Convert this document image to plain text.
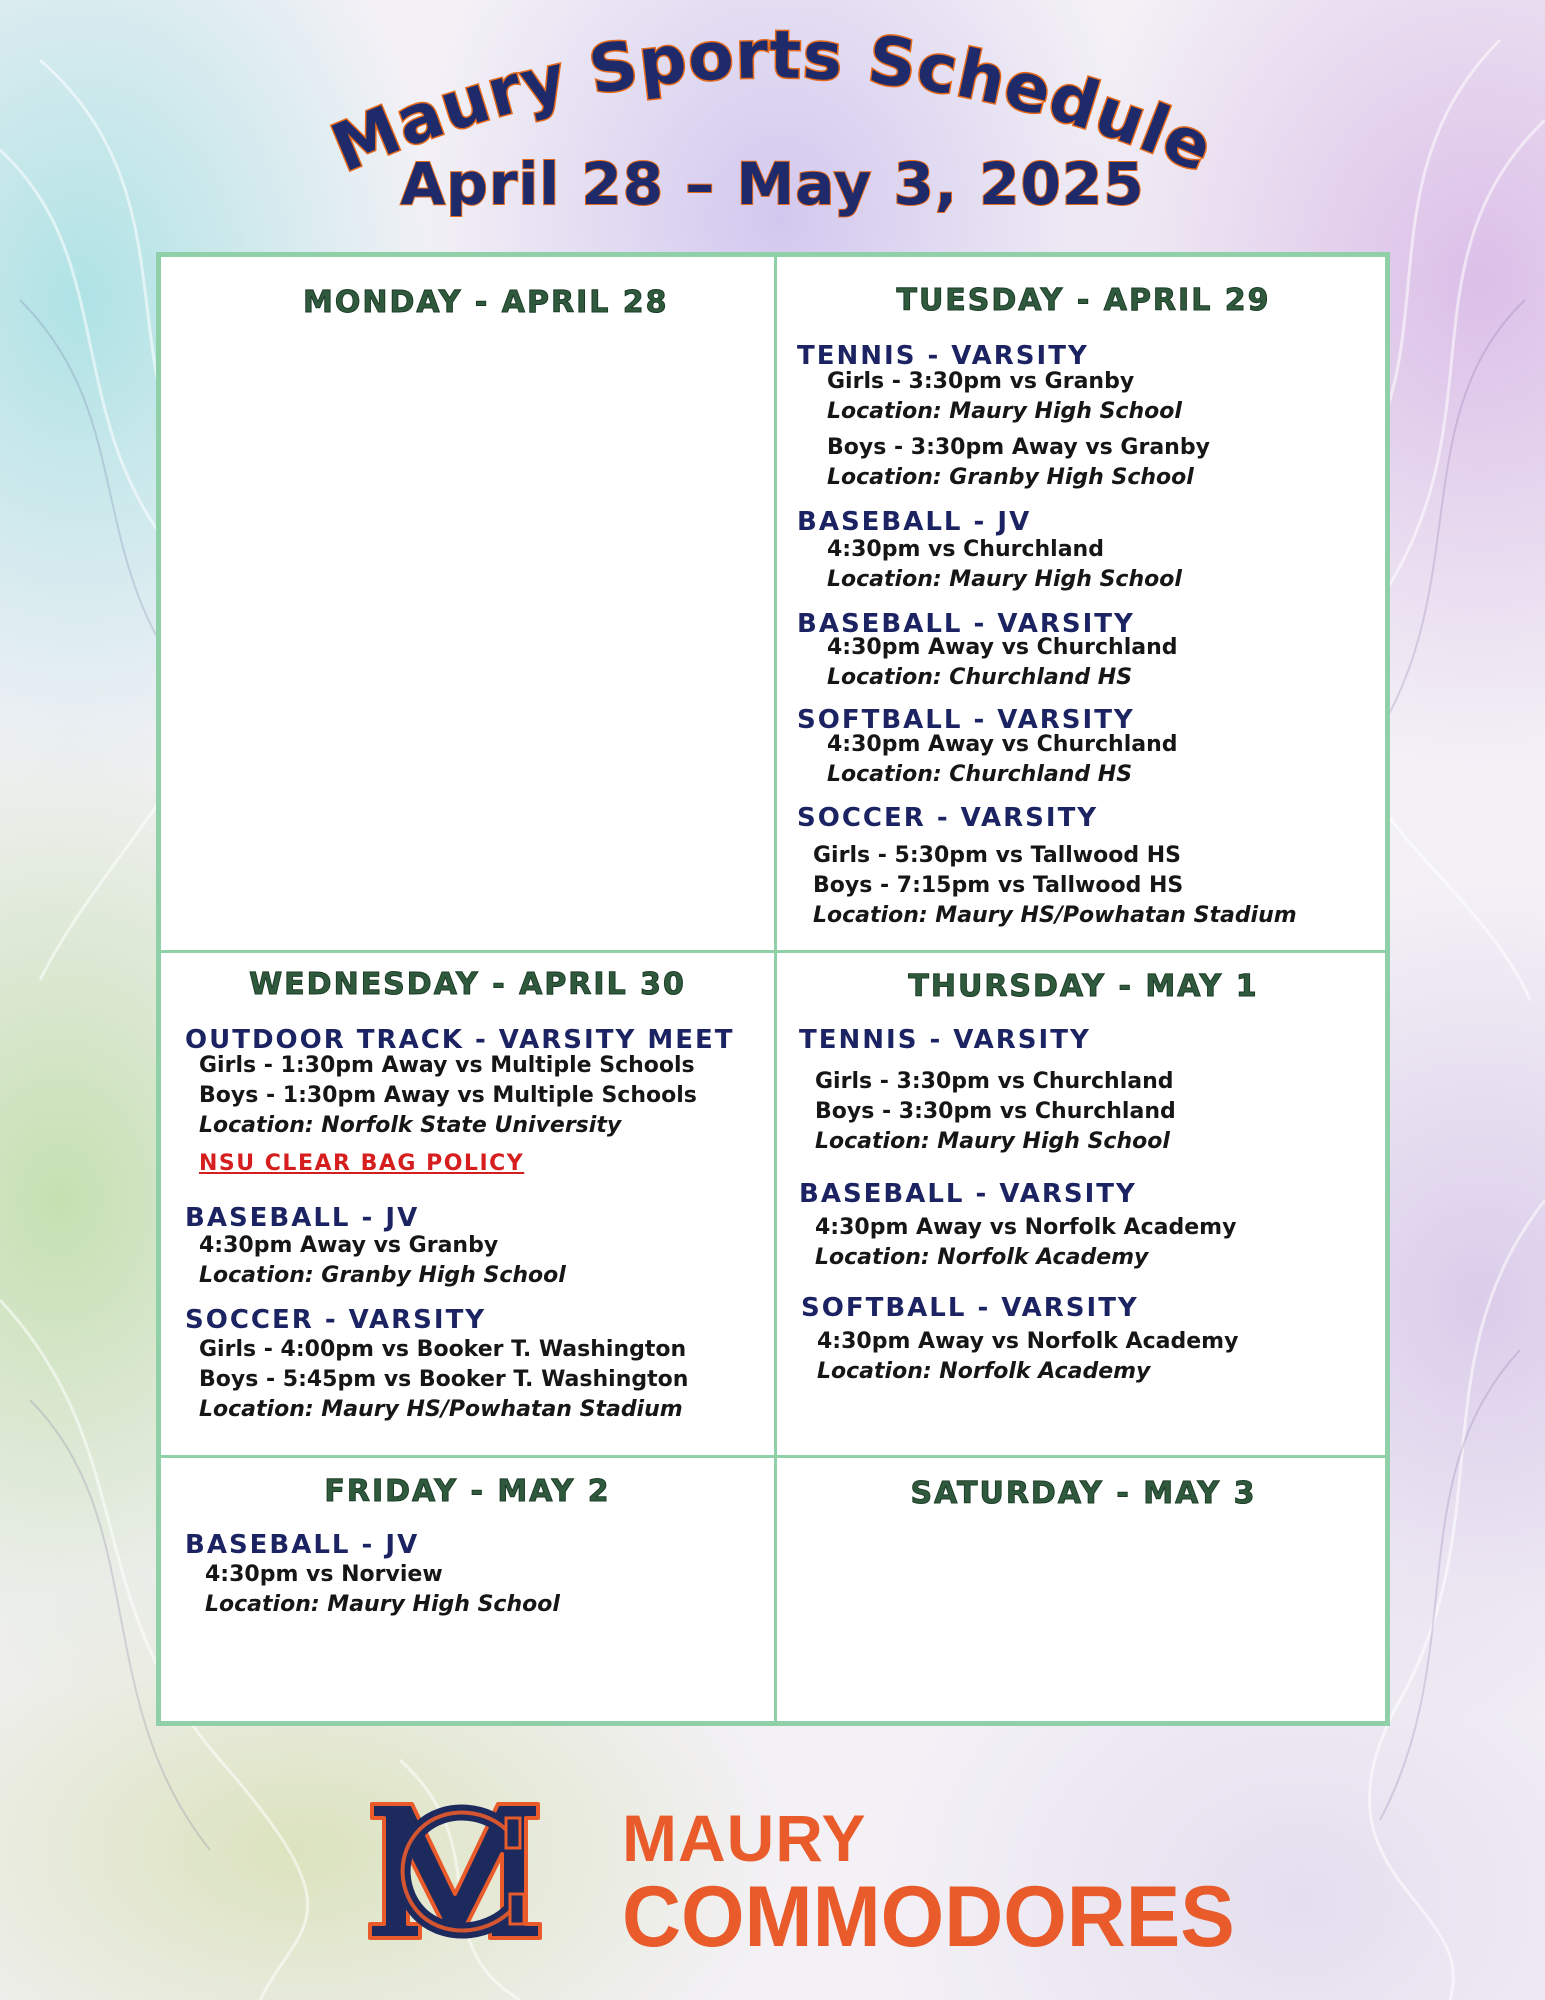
Maury Sports Schedule
April 28 – May 3, 2025
MONDAY - APRIL 28	TUESDAY - APRIL 29
TENNIS - VARSITY
Girls - 3:30pm vs Granby
Location: Maury High School
Boys - 3:30pm Away vs Granby
Location: Granby High School
BASEBALL - JV
4:30pm vs Churchland
Location: Maury High School
BASEBALL - VARSITY
4:30pm Away vs Churchland
Location: Churchland HS
SOFTBALL - VARSITY
4:30pm Away vs Churchland
Location: Churchland HS
SOCCER - VARSITY
Girls - 5:30pm vs Tallwood HS
Boys - 7:15pm vs Tallwood HS
Location: Maury HS/Powhatan Stadium
WEDNESDAY - APRIL 30
OUTDOOR TRACK - VARSITY MEET
Girls - 1:30pm Away vs Multiple Schools
Boys - 1:30pm Away vs Multiple Schools
Location: Norfolk State University
NSU CLEAR BAG POLICY
BASEBALL - JV
4:30pm Away vs Granby
Location: Granby High School
SOCCER - VARSITY
Girls - 4:00pm vs Booker T. Washington
Boys - 5:45pm vs Booker T. Washington
Location: Maury HS/Powhatan Stadium
THURSDAY - MAY 1
TENNIS - VARSITY
Girls - 3:30pm vs Churchland
Boys - 3:30pm vs Churchland
Location: Maury High School
BASEBALL - VARSITY
4:30pm Away vs Norfolk Academy
Location: Norfolk Academy
SOFTBALL - VARSITY
4:30pm Away vs Norfolk Academy
Location: Norfolk Academy
FRIDAY - MAY 2
BASEBALL - JV
4:30pm vs Norview
Location: Maury High School
SATURDAY - MAY 3
MAURY
COMMODORES
